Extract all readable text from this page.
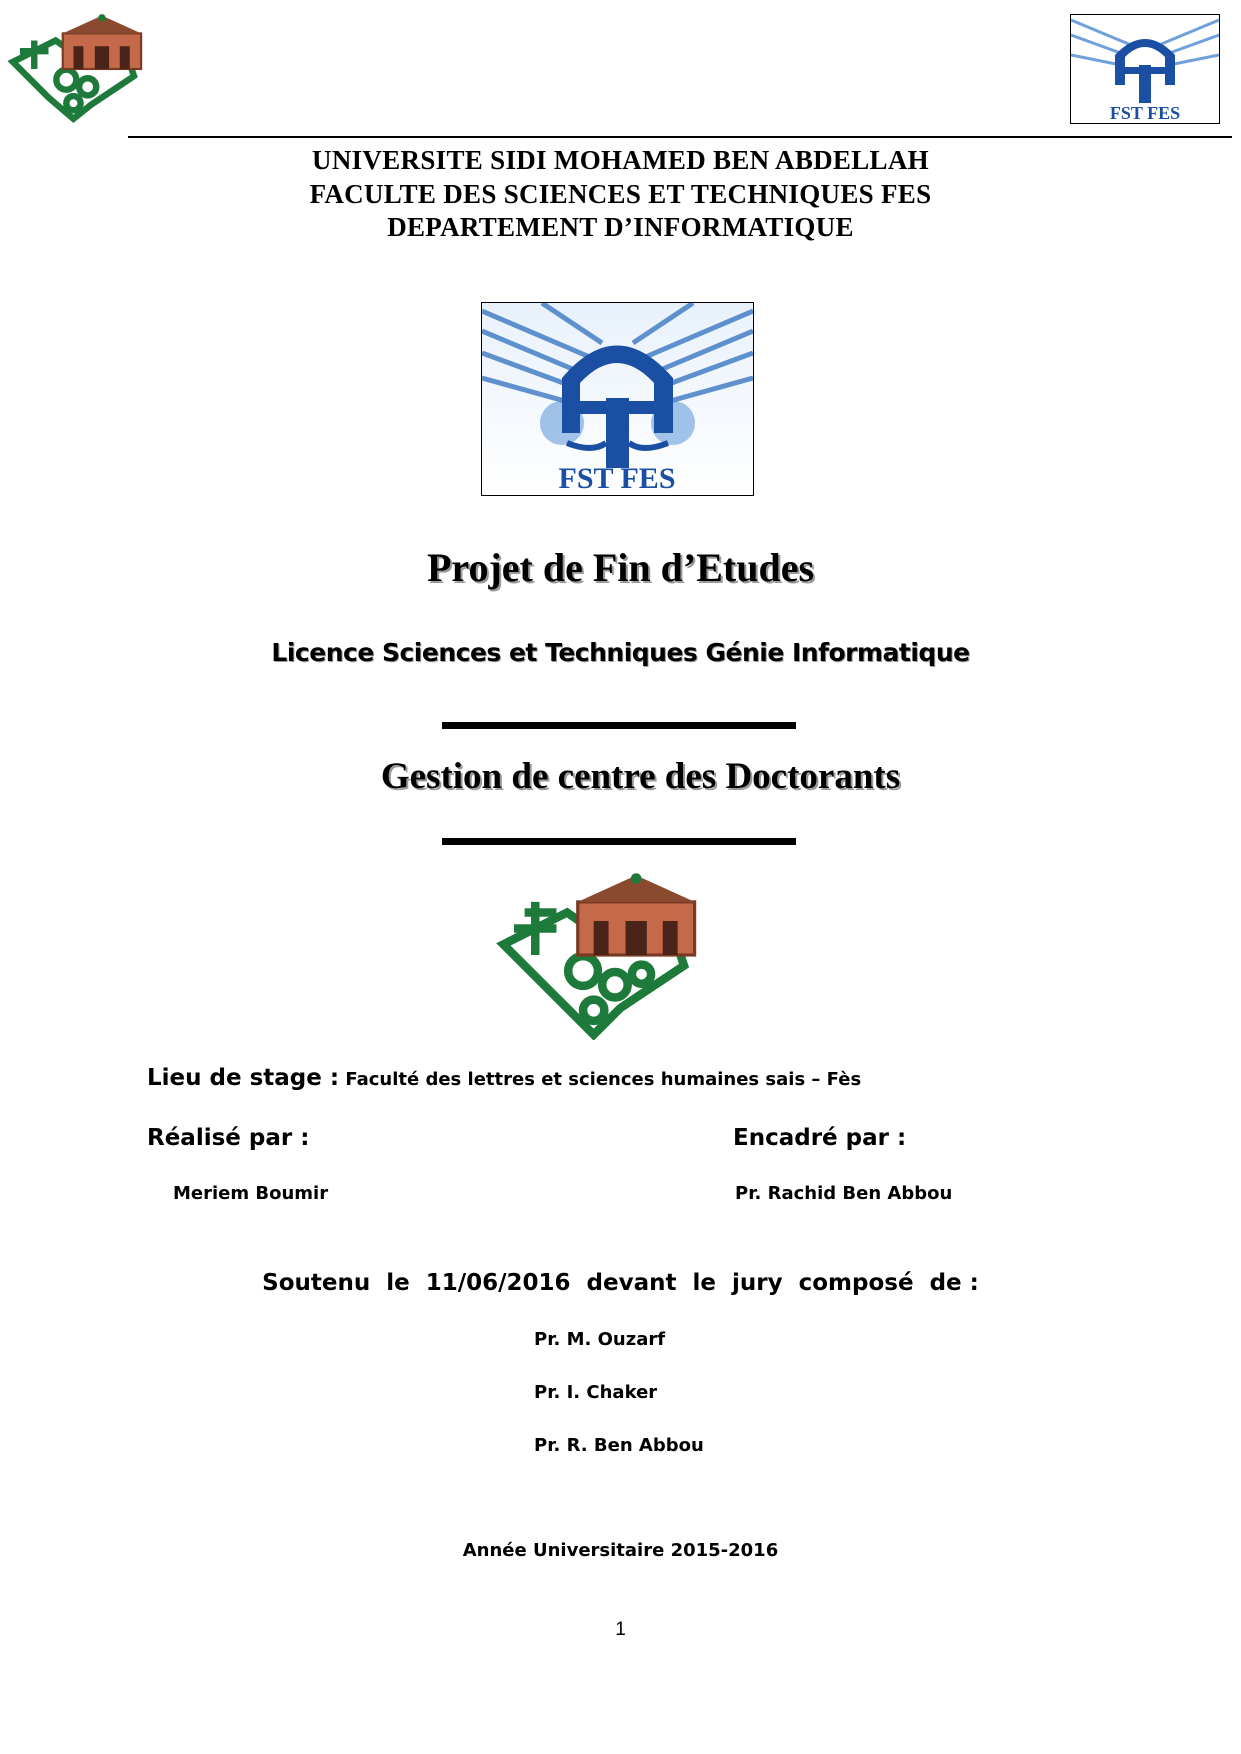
FST FES
UNIVERSITE SIDI MOHAMED BEN ABDELLAH
FACULTE DES SCIENCES ET TECHNIQUES FES
DEPARTEMENT D’INFORMATIQUE
FST FES
Projet de Fin d’Etudes
Licence Sciences et Techniques Génie Informatique
Gestion de centre des Doctorants
Lieu de stage : Faculté des lettres et sciences humaines sais – Fès
Réalisé par :	Encadré par :
Meriem Boumir	Pr. Rachid Ben Abbou
Soutenu  le  11/06/2016  devant  le  jury  composé  de :
Pr. M. Ouzarf
Pr. I. Chaker
Pr. R. Ben Abbou
Année Universitaire 2015-2016
1
